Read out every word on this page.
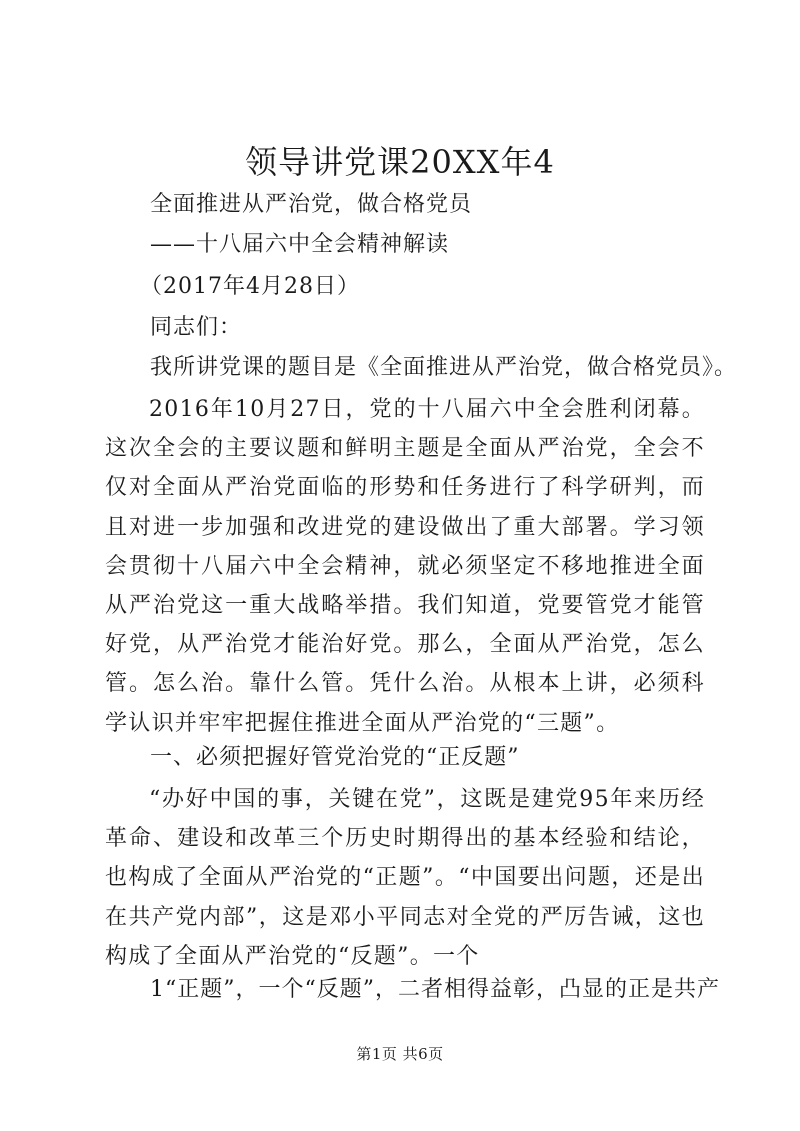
领导讲党课20XX年4
全面推进从严治党，做合格党员
——十八届六中全会精神解读
（2017年4月28日）
同志们：
我所讲党课的题目是《全面推进从严治党，做合格党员》。
2016年10月27日，党的十八届六中全会胜利闭幕。这次全会的主要议题和鲜明主题是全面从严治党，全会不仅对全面从严治党面临的形势和任务进行了科学研判，而且对进一步加强和改进党的建设做出了重大部署。学习领会贯彻十八届六中全会精神，就必须坚定不移地推进全面从严治党这一重大战略举措。我们知道，党要管党才能管好党，从严治党才能治好党。那么，全面从严治党，怎么管。怎么治。靠什么管。凭什么治。从根本上讲，必须科学认识并牢牢把握住推进全面从严治党的“三题”。
一、必须把握好管党治党的“正反题”
“办好中国的事，关键在党”，这既是建党95年来历经革命、建设和改革三个历史时期得出的基本经验和结论，也构成了全面从严治党的“正题”。“中国要出问题，还是出在共产党内部”，这是邓小平同志对全党的严厉告诫，这也构成了全面从严治党的“反题”。一个
1“正题”，一个“反题”，二者相得益彰，凸显的正是共产
第1页 共6页
